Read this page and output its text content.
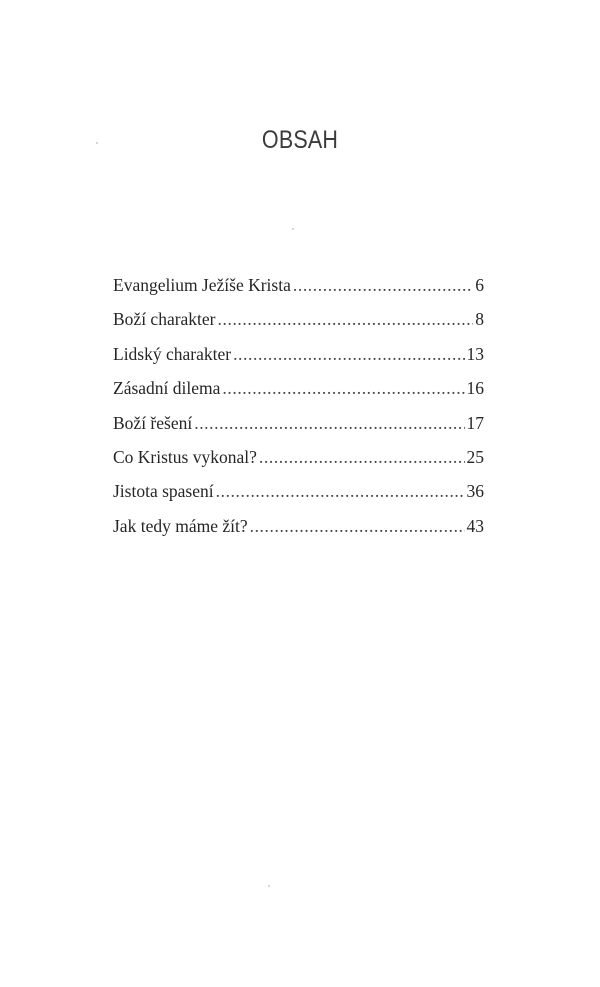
OBSAH
Evangelium Ježíše Krista .....	6
Boží charakter .....	8
Lidský charakter .....	13
Zásadní dilema .....	16
Boží řešení .....	17
Co Kristus vykonal? .....	25
Jistota spasení .....	36
Jak tedy máme žít? .....	43
